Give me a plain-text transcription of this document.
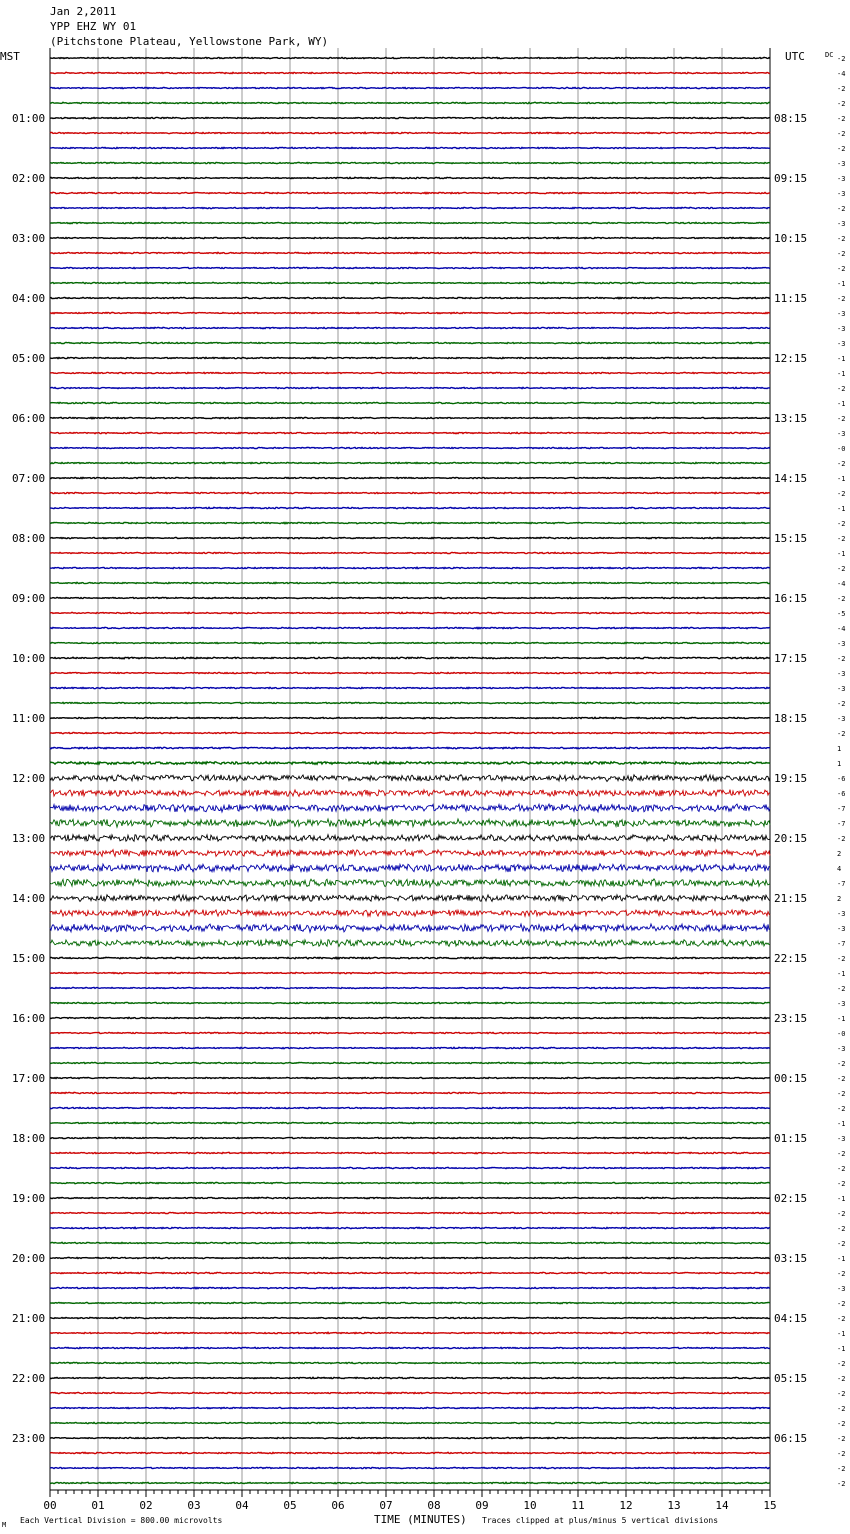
Jan 2,2011
YPP EHZ WY 01
(Pitchstone Plateau, Yellowstone Park, WY)
MST	UTC	DC
01:00
02:00
03:00
04:00
05:00
06:00
07:00
08:00
09:00
10:00
11:00
12:00
13:00
14:00
15:00
16:00
17:00
18:00
19:00
20:00
21:00
22:00
23:00
08:15
09:15
10:15
11:15
12:15
13:15
14:15
15:15
16:15
17:15
18:15
19:15
20:15
21:15
22:15
23:15
00:15
01:15
02:15
03:15
04:15
05:15
06:15
-2
-4
-2
-2
-2
-2
-2
-3
-3
-3
-2
-3
-2
-2
-2
-1
-2
-3
-3
-3
-1
-1
-2
-1
-2
-3
-0
-2
-1
-2
-1
-2
-2
-1
-2
-4
-2
-5
-4
-3
-2
-3
-3
-2
-3
-2
1
1
-6
-6
-7
-7
-2
2
4
-7
2
-3
-3
-7
-2
-1
-2
-3
-1
-0
-3
-2
-2
-2
-2
-1
-3
-2
-2
-2
-1
-2
-2
-2
-1
-2
-3
-2
-2
-1
-1
-2
-2
-2
-2
-2
-2
-2
-2
-2
00	01	02	03	04	05	06	07	08	09	10	11	12	13	14	15
Each Vertical Division = 800.00 microvolts	TIME (MINUTES) Traces clipped at plus/minus 5 vertical divisions
M
